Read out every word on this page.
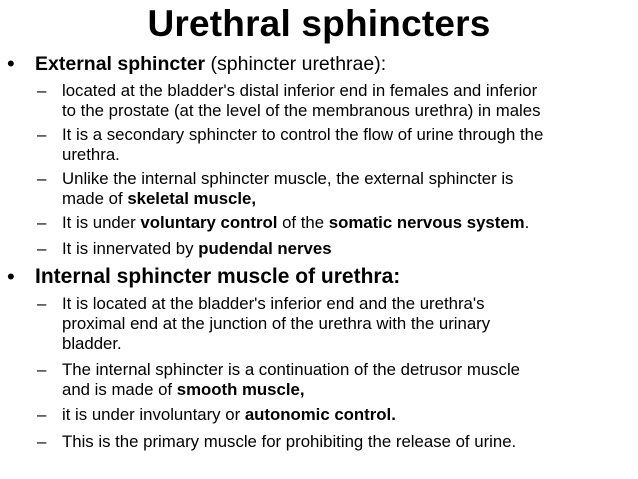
Urethral sphincters
• External sphincter (sphincter urethrae):
– located at the bladder's distal inferior end in females and inferior
to the prostate (at the level of the membranous urethra) in males
– It is a secondary sphincter to control the flow of urine through the
urethra.
– Unlike the internal sphincter muscle, the external sphincter is
made of skeletal muscle,
– It is under voluntary control of the somatic nervous system.
– It is innervated by pudendal nerves
• Internal sphincter muscle of urethra:
– It is located at the bladder's inferior end and the urethra's
proximal end at the junction of the urethra with the urinary
bladder.
– The internal sphincter is a continuation of the detrusor muscle
and is made of smooth muscle,
– it is under involuntary or autonomic control.
– This is the primary muscle for prohibiting the release of urine.
